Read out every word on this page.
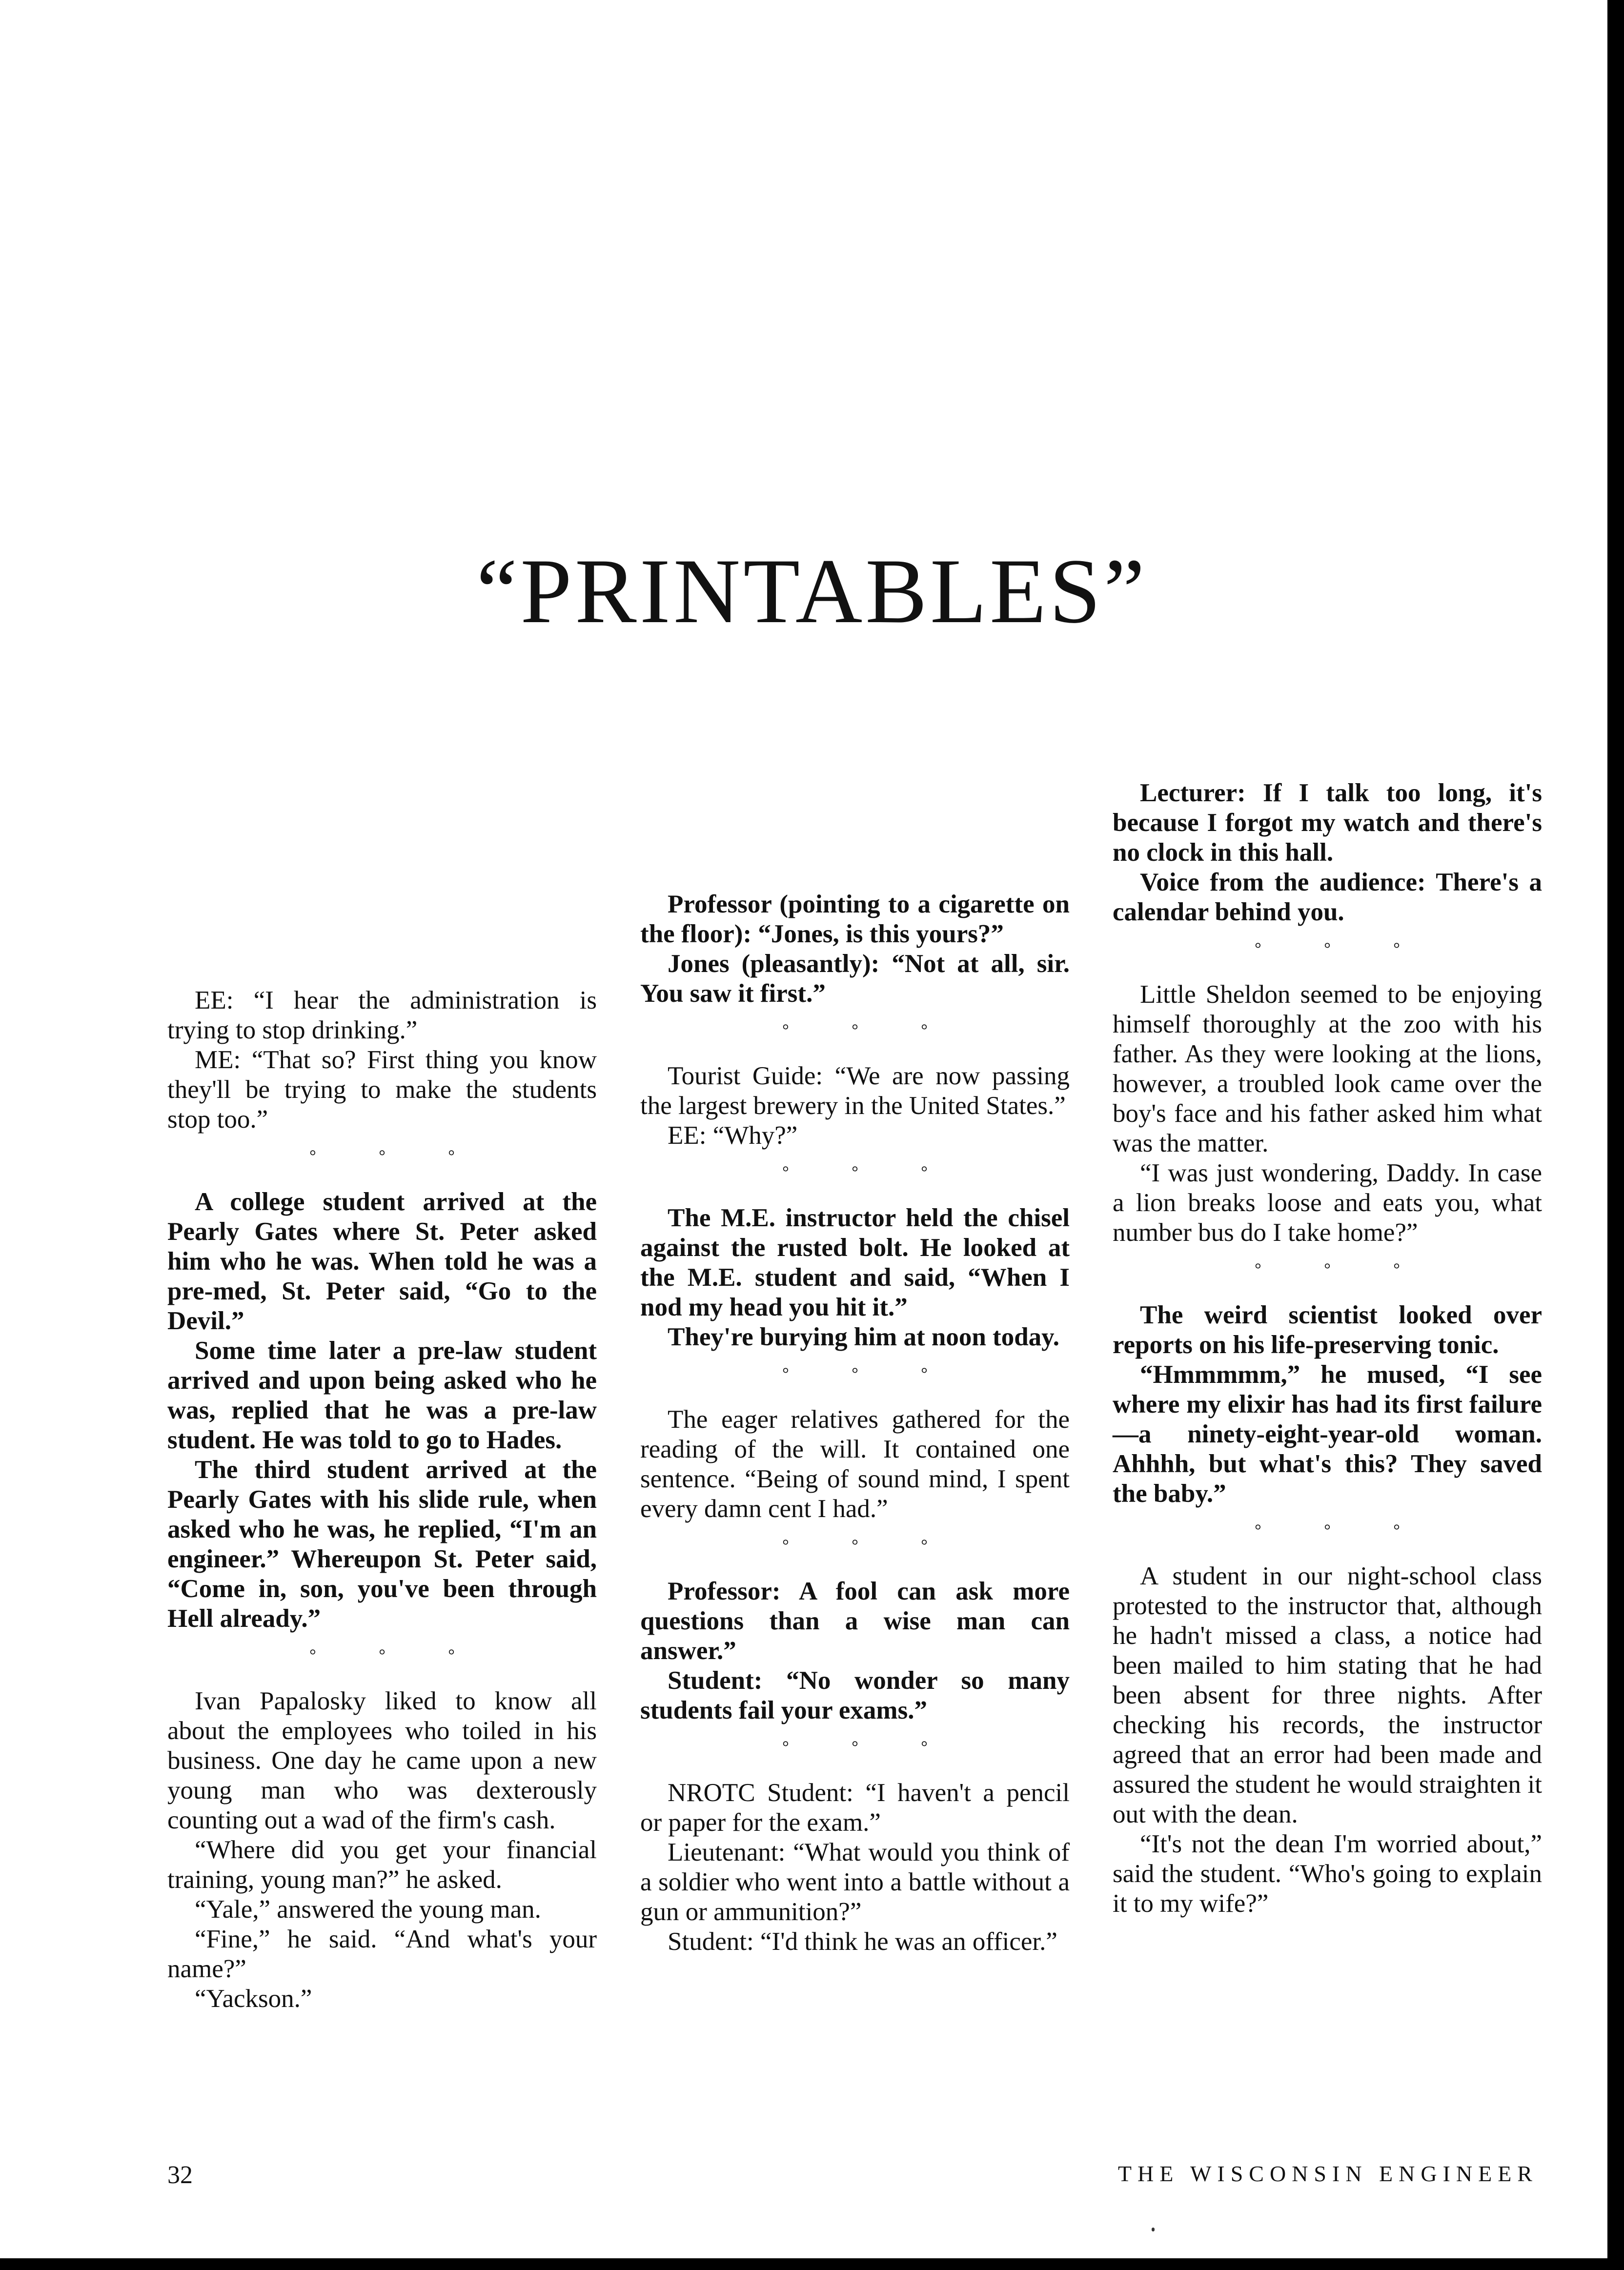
“PRINTABLES”

EE: “I hear the administration is trying to stop drinking.”

ME: “That so? First thing you know they'll be trying to make the students stop too.”

° ° °

A college student arrived at the Pearly Gates where St. Peter asked him who he was. When told he was a pre-med, St. Peter said, “Go to the Devil.”

Some time later a pre-law student arrived and upon being asked who he was, replied that he was a pre-law student. He was told to go to Hades.

The third student arrived at the Pearly Gates with his slide rule, when asked who he was, he replied, “I'm an engineer.” Whereupon St. Peter said, “Come in, son, you've been through Hell already.”

° ° °

Ivan Papalosky liked to know all about the employees who toiled in his business. One day he came upon a new young man who was dexterously counting out a wad of the firm's cash.

“Where did you get your financial training, young man?” he asked.

“Yale,” answered the young man.

“Fine,” he said. “And what's your name?”

“Yackson.”

Professor (pointing to a cigarette on the floor): “Jones, is this yours?”

Jones (pleasantly): “Not at all, sir. You saw it first.”

° ° °

Tourist Guide: “We are now passing the largest brewery in the United States.”

EE: “Why?”

° ° °

The M.E. instructor held the chisel against the rusted bolt. He looked at the M.E. student and said, “When I nod my head you hit it.”

They're burying him at noon today.

° ° °

The eager relatives gathered for the reading of the will. It contained one sentence. “Being of sound mind, I spent every damn cent I had.”

° ° °

Professor: A fool can ask more questions than a wise man can answer.”

Student: “No wonder so many students fail your exams.”

° ° °

NROTC Student: “I haven't a pencil or paper for the exam.”

Lieutenant: “What would you think of a soldier who went into a battle without a gun or ammunition?”

Student: “I'd think he was an officer.”

Lecturer: If I talk too long, it's because I forgot my watch and there's no clock in this hall.

Voice from the audience: There's a calendar behind you.

° ° °

Little Sheldon seemed to be enjoying himself thoroughly at the zoo with his father. As they were looking at the lions, however, a troubled look came over the boy's face and his father asked him what was the matter.

“I was just wondering, Daddy. In case a lion breaks loose and eats you, what number bus do I take home?”

° ° °

The weird scientist looked over reports on his life-preserving tonic.

“Hmmmmm,” he mused, “I see where my elixir has had its first failure—a ninety-eight-year-old woman. Ahhhh, but what's this? They saved the baby.”

° ° °

A student in our night-school class protested to the instructor that, although he hadn't missed a class, a notice had been mailed to him stating that he had been absent for three nights. After checking his records, the instructor agreed that an error had been made and assured the student he would straighten it out with the dean.

“It's not the dean I'm worried about,” said the student. “Who's going to explain it to my wife?”

32	THE WISCONSIN ENGINEER
